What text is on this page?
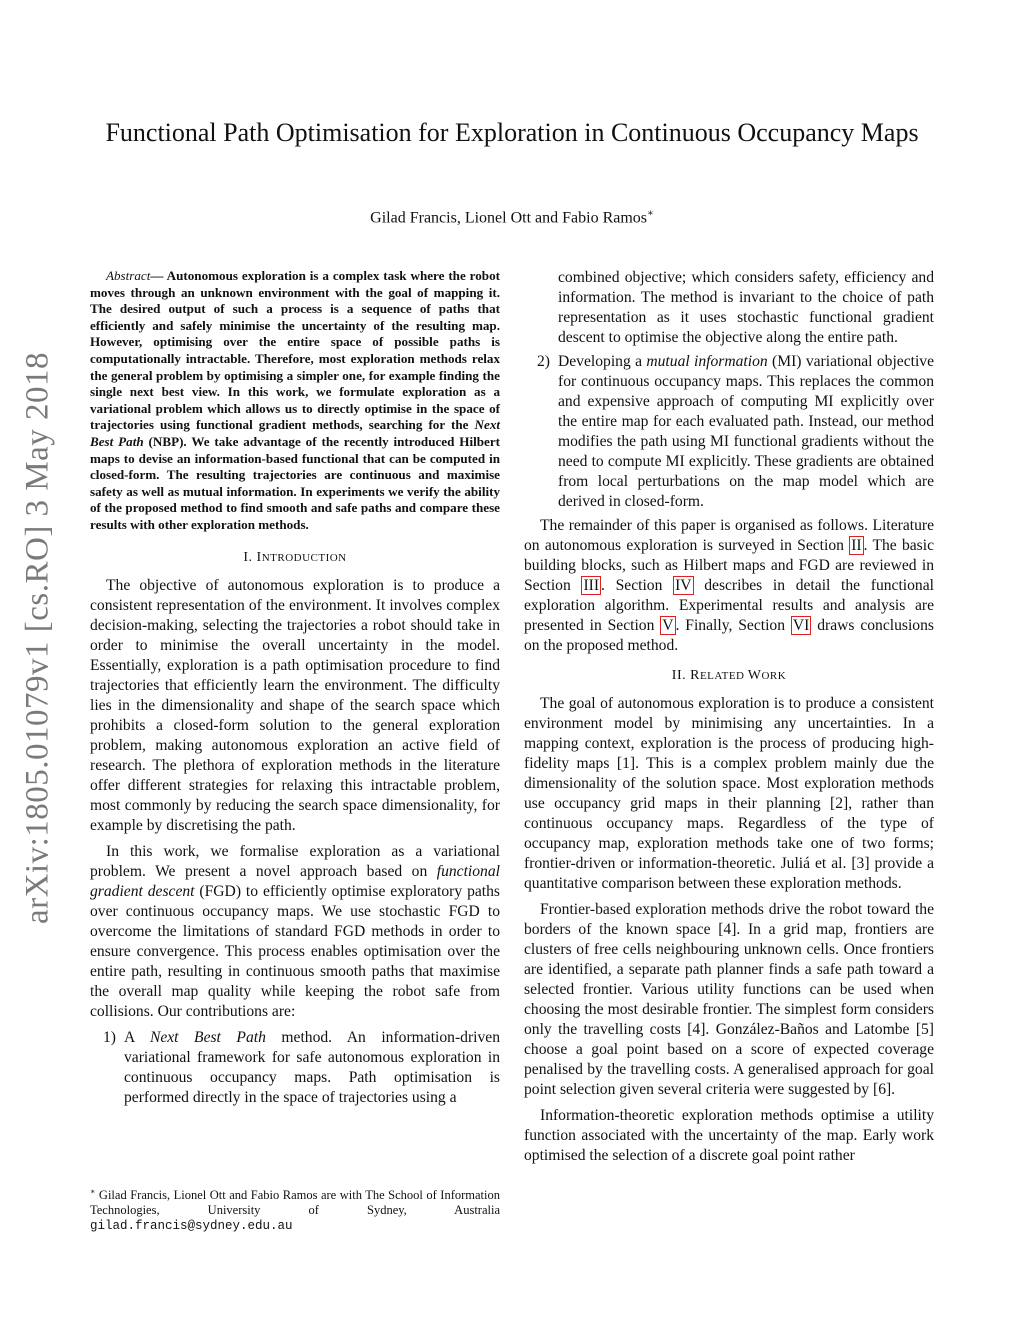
arXiv:1805.01079v1 [cs.RO] 3 May 2018
Functional Path Optimisation for Exploration in Continuous Occupancy Maps
Gilad Francis, Lionel Ott and Fabio Ramos∗

Abstract— Autonomous exploration is a complex task where the robot moves through an unknown environment with the goal of mapping it. The desired output of such a process is a sequence of paths that efficiently and safely minimise the uncertainty of the resulting map. However, optimising over the entire space of possible paths is computationally intractable. Therefore, most exploration methods relax the general problem by optimising a simpler one, for example finding the single next best view. In this work, we formulate exploration as a variational problem which allows us to directly optimise in the space of trajectories using functional gradient methods, searching for the Next Best Path (NBP). We take advantage of the recently introduced Hilbert maps to devise an information-based functional that can be computed in closed-form. The resulting trajectories are continuous and maximise safety as well as mutual information. In experiments we verify the ability of the proposed method to find smooth and safe paths and compare these results with other exploration methods.

I. INTRODUCTION

The objective of autonomous exploration is to produce a consistent representation of the environment. It involves complex decision-making, selecting the trajectories a robot should take in order to minimise the overall uncertainty in the model. Essentially, exploration is a path optimisation procedure to find trajectories that efficiently learn the environment. The difficulty lies in the dimensionality and shape of the search space which prohibits a closed-form solution to the general exploration problem, making autonomous exploration an active field of research. The plethora of exploration methods in the literature offer different strategies for relaxing this intractable problem, most commonly by reducing the search space dimensionality, for example by discretising the path.

In this work, we formalise exploration as a variational problem. We present a novel approach based on functional gradient descent (FGD) to efficiently optimise exploratory paths over continuous occupancy maps. We use stochastic FGD to overcome the limitations of standard FGD methods in order to ensure convergence. This process enables optimisation over the entire path, resulting in continuous smooth paths that maximise the overall map quality while keeping the robot safe from collisions. Our contributions are:

1) A Next Best Path method. An information-driven variational framework for safe autonomous exploration in continuous occupancy maps. Path optimisation is performed directly in the space of trajectories using a
∗ Gilad Francis, Lionel Ott and Fabio Ramos are with The School of Information Technologies, University of Sydney, Australia gilad.francis@sydney.edu.au
combined objective; which considers safety, efficiency and information. The method is invariant to the choice of path representation as it uses stochastic functional gradient descent to optimise the objective along the entire path.
2) Developing a mutual information (MI) variational objective for continuous occupancy maps. This replaces the common and expensive approach of computing MI explicitly over the entire map for each evaluated path. Instead, our method modifies the path using MI functional gradients without the need to compute MI explicitly. These gradients are obtained from local perturbations on the map model which are derived in closed-form.

The remainder of this paper is organised as follows. Literature on autonomous exploration is surveyed in Section II . The basic building blocks, such as Hilbert maps and FGD are reviewed in Section III . Section IV describes in detail the functional exploration algorithm. Experimental results and analysis are presented in Section V . Finally, Section VI draws conclusions on the proposed method.

II. RELATED WORK

The goal of autonomous exploration is to produce a consistent environment model by minimising any uncertainties. In a mapping context, exploration is the process of producing high-fidelity maps [1]. This is a complex problem mainly due the dimensionality of the solution space. Most exploration methods use occupancy grid maps in their planning [2], rather than continuous occupancy maps. Regardless of the type of occupancy map, exploration methods take one of two forms; frontier-driven or information-theoretic. Juliá et al. [3] provide a quantitative comparison between these exploration methods.

Frontier-based exploration methods drive the robot toward the borders of the known space [4]. In a grid map, frontiers are clusters of free cells neighbouring unknown cells. Once frontiers are identified, a separate path planner finds a safe path toward a selected frontier. Various utility functions can be used when choosing the most desirable frontier. The simplest form considers only the travelling costs [4]. González-Baños and Latombe [5] choose a goal point based on a score of expected coverage penalised by the travelling costs. A generalised approach for goal point selection given several criteria were suggested by [6].

Information-theoretic exploration methods optimise a utility function associated with the uncertainty of the map. Early work optimised the selection of a discrete goal point rather
